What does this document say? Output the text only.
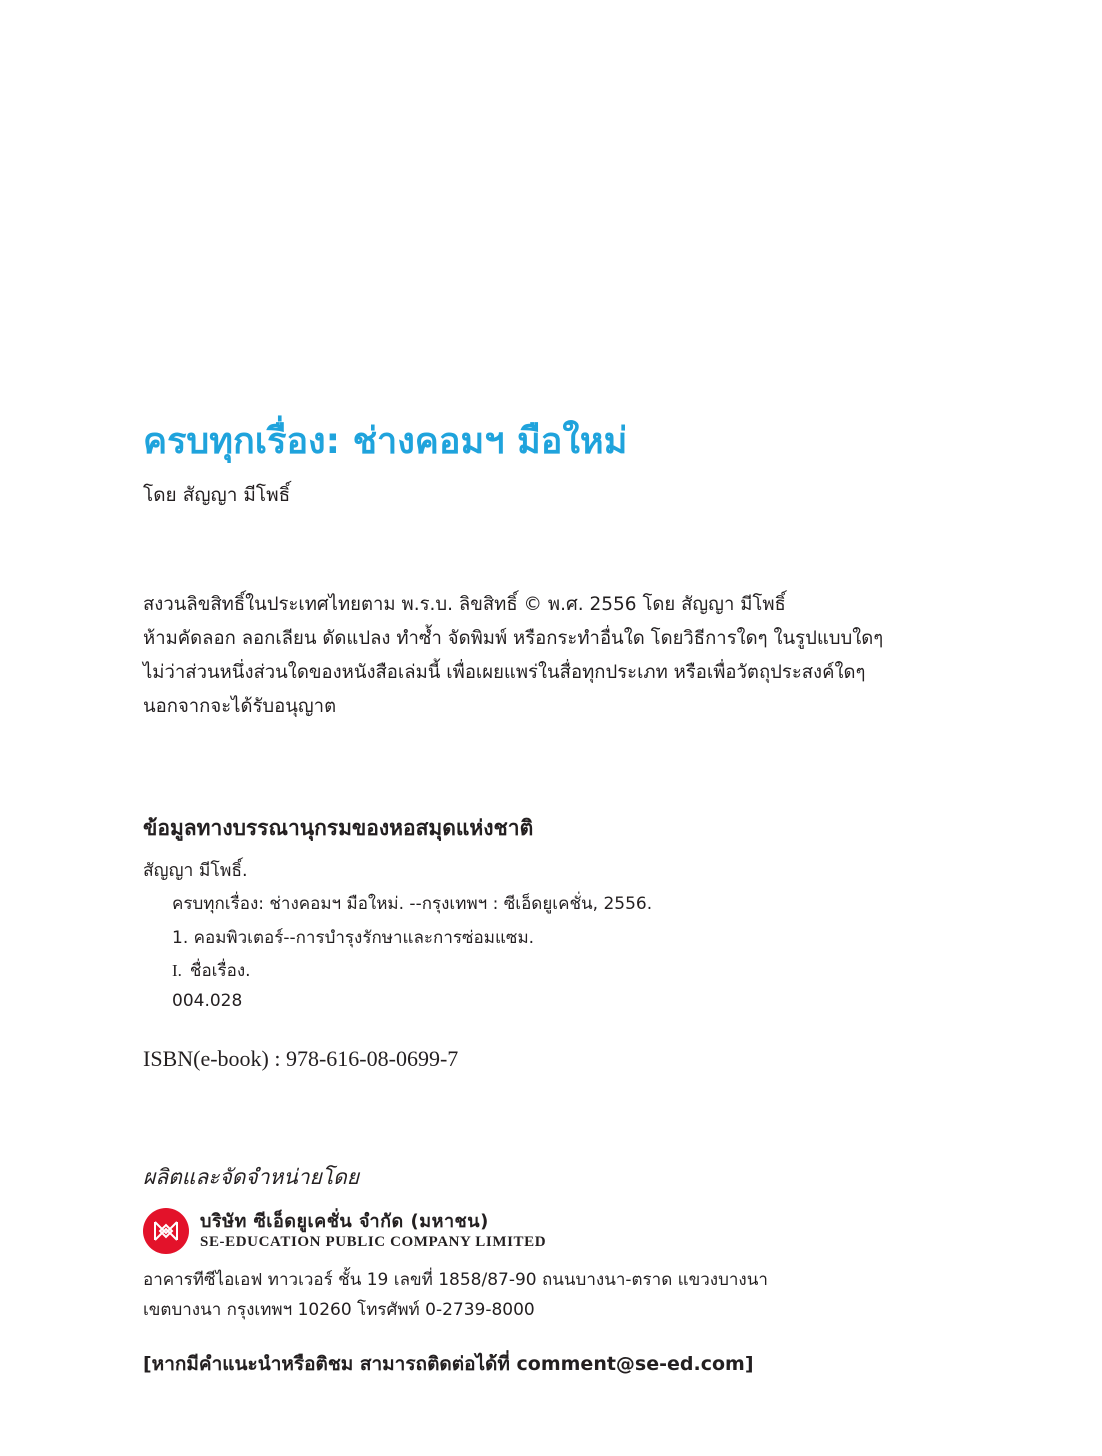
ครบทุกเรื่อง: ช่างคอมฯ มือใหม่
โดย สัญญา มีโพธิ์

สงวนลิขสิทธิ์ในประเทศไทยตาม พ.ร.บ. ลิขสิทธิ์ © พ.ศ. 2556 โดย สัญญา มีโพธิ์

ห้ามคัดลอก ลอกเลียน ดัดแปลง ทำซ้ำ จัดพิมพ์ หรือกระทำอื่นใด โดยวิธีการใดๆ ในรูปแบบใดๆ

ไม่ว่าส่วนหนึ่งส่วนใดของหนังสือเล่มนี้ เพื่อเผยแพร่ในสื่อทุกประเภท หรือเพื่อวัตถุประสงค์ใดๆ

นอกจากจะได้รับอนุญาต

ข้อมูลทางบรรณานุกรมของหอสมุดแห่งชาติ
สัญญา มีโพธิ์.
ครบทุกเรื่อง: ช่างคอมฯ มือใหม่. --กรุงเทพฯ : ซีเอ็ดยูเคชั่น, 2556.
1. คอมพิวเตอร์--การบำรุงรักษาและการซ่อมแซม.
I. ชื่อเรื่อง.
004.028
ISBN(e-book) : 978-616-08-0699-7
ผลิตและจัดจำหน่ายโดย
บริษัท ซีเอ็ดยูเคชั่น จำกัด (มหาชน)
SE-EDUCATION PUBLIC COMPANY LIMITED

อาคารทีซีไอเอฟ ทาวเวอร์ ชั้น 19 เลขที่ 1858/87-90 ถนนบางนา-ตราด แขวงบางนา

เขตบางนา กรุงเทพฯ 10260 โทรศัพท์ 0-2739-8000

[หากมีคำแนะนำหรือติชม สามารถติดต่อได้ที่ comment@se-ed.com]
